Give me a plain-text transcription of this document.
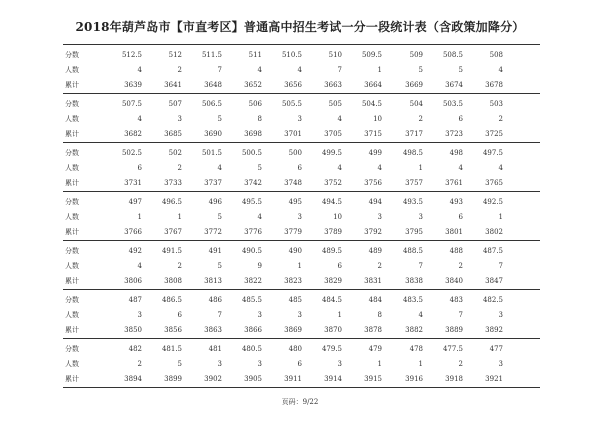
2018年葫芦岛市【市直考区】普通高中招生考试一分一段统计表（含政策加降分）
分数	512.5	512	511.5	511	510.5	510	509.5	509	508.5	508
人数	4	2	7	4	4	7	1	5	5	4
累计	3639	3641	3648	3652	3656	3663	3664	3669	3674	3678
分数	507.5	507	506.5	506	505.5	505	504.5	504	503.5	503
人数	4	3	5	8	3	4	10	2	6	2
累计	3682	3685	3690	3698	3701	3705	3715	3717	3723	3725
分数	502.5	502	501.5	500.5	500	499.5	499	498.5	498	497.5
人数	6	2	4	5	6	4	4	1	4	4
累计	3731	3733	3737	3742	3748	3752	3756	3757	3761	3765
分数	497	496.5	496	495.5	495	494.5	494	493.5	493	492.5
人数	1	1	5	4	3	10	3	3	6	1
累计	3766	3767	3772	3776	3779	3789	3792	3795	3801	3802
分数	492	491.5	491	490.5	490	489.5	489	488.5	488	487.5
人数	4	2	5	9	1	6	2	7	2	7
累计	3806	3808	3813	3822	3823	3829	3831	3838	3840	3847
分数	487	486.5	486	485.5	485	484.5	484	483.5	483	482.5
人数	3	6	7	3	3	1	8	4	7	3
累计	3850	3856	3863	3866	3869	3870	3878	3882	3889	3892
分数	482	481.5	481	480.5	480	479.5	479	478	477.5	477
人数	2	5	3	3	6	3	1	1	2	3
累计	3894	3899	3902	3905	3911	3914	3915	3916	3918	3921
页码：9/22
